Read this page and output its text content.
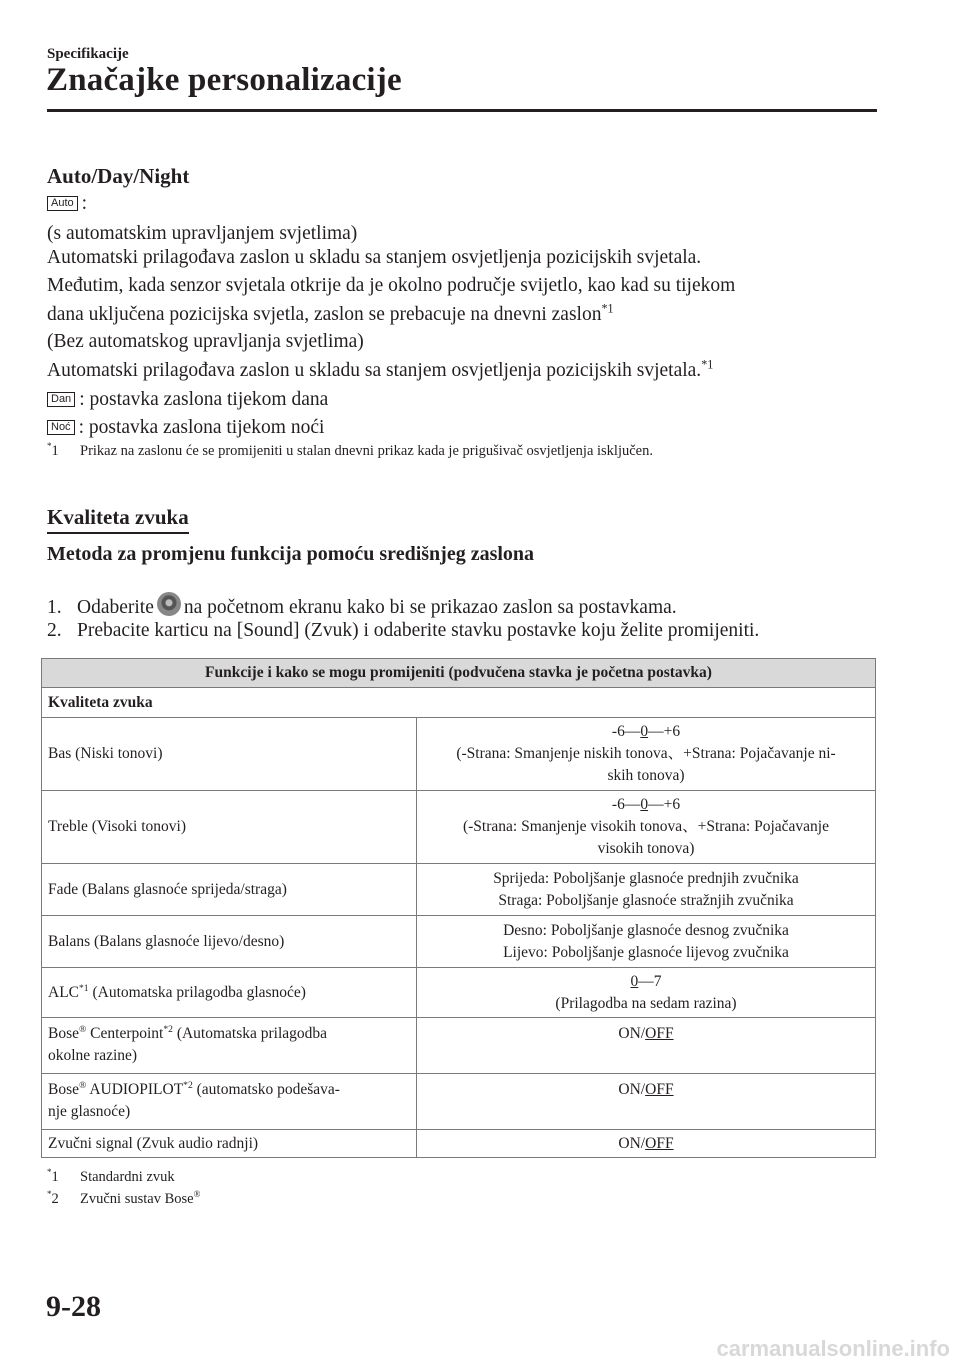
Specifikacije
Značajke personalizacije
Auto/Day/Night
Auto :
(s automatskim upravljanjem svjetlima)
Automatski prilagođava zaslon u skladu sa stanjem osvjetljenja pozicijskih svjetala.
Međutim, kada senzor svjetala otkrije da je okolno područje svijetlo, kao kad su tijekom
dana uključena pozicijska svjetla, zaslon se prebacuje na dnevni zaslon$^{*1}$
(Bez automatskog upravljanja svjetlima)
Automatski prilagođava zaslon u skladu sa stanjem osvjetljenja pozicijskih svjetala.$^{*1}$
Dan : postavka zaslona tijekom dana
Noć : postavka zaslona tijekom noći
*1 Prikaz na zaslonu će se promijeniti u stalan dnevni prikaz kada je prigušivač osvjetljenja isključen.
Kvaliteta zvuka
Metoda za promjenu funkcija pomoću središnjeg zaslona
1. Odaberite na početnom ekranu kako bi se prikazao zaslon sa postavkama.
2. Prebacite karticu na [Sound] (Zvuk) i odaberite stavku postavke koju želite promijeniti.
Funkcije i kako se mogu promijeniti (podvučena stavka je početna postavka)	
Kvaliteta zvuka	
Bas (Niski tonovi)	-6—0—+6
(-Strana: Smanjenje niskih tonova、+Strana: Pojačavanje ni-
skih tonova)

Treble (Visoki tonovi)	-6—0—+6
(-Strana: Smanjenje visokih tonova、+Strana: Pojačavanje
visokih tonova)

Fade (Balans glasnoće sprijeda/straga)	Sprijeda: Poboljšanje glasnoće prednjih zvučnika
Straga: Poboljšanje glasnoće stražnjih zvučnika

Balans (Balans glasnoće lijevo/desno)	Desno: Poboljšanje glasnoće desnog zvučnika
Lijevo: Poboljšanje glasnoće lijevog zvučnika

ALC$^{*1}$ (Automatska prilagodba glasnoće)	0—7
(Prilagodba na sedam razina)

Bose® Centerpoint$^{*2}$ (Automatska prilagodba
okolne razine)	ON/OFF
Bose® AUDIOPILOT$^{*2}$ (automatsko podešava-
nje glasnoće)	ON/OFF
Zvučni signal (Zvuk audio radnji)	ON/OFF
*1 Standardni zvuk
*2 Zvučni sustav Bose®
9-28
carmanualsonline.info
